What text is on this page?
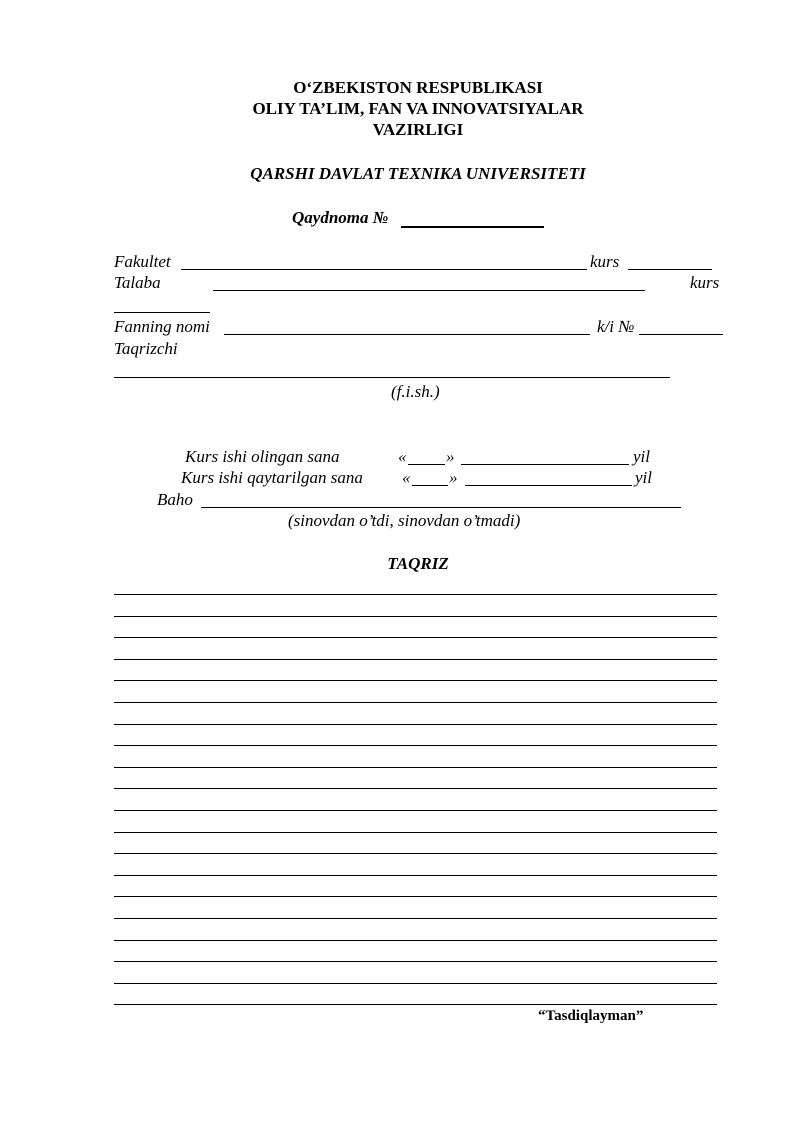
O‘ZBEKISTON RESPUBLIKASI
OLIY TA’LIM, FAN VA INNOVATSIYALAR
VAZIRLIGI
QARSHI DAVLAT TEXNIKA UNIVERSITETI
Qaydnoma №
Fakultet	kurs
Talaba	kurs
Fanning nomi	k/i №
Taqrizchi
(f.i.sh.)
Kurs ishi olingan sana	« »	yil
Kurs ishi qaytarilgan sana « »	yil
Baho
(sinovdan o’tdi, sinovdan o’tmadi)
TAQRIZ
“Tasdiqlayman”
